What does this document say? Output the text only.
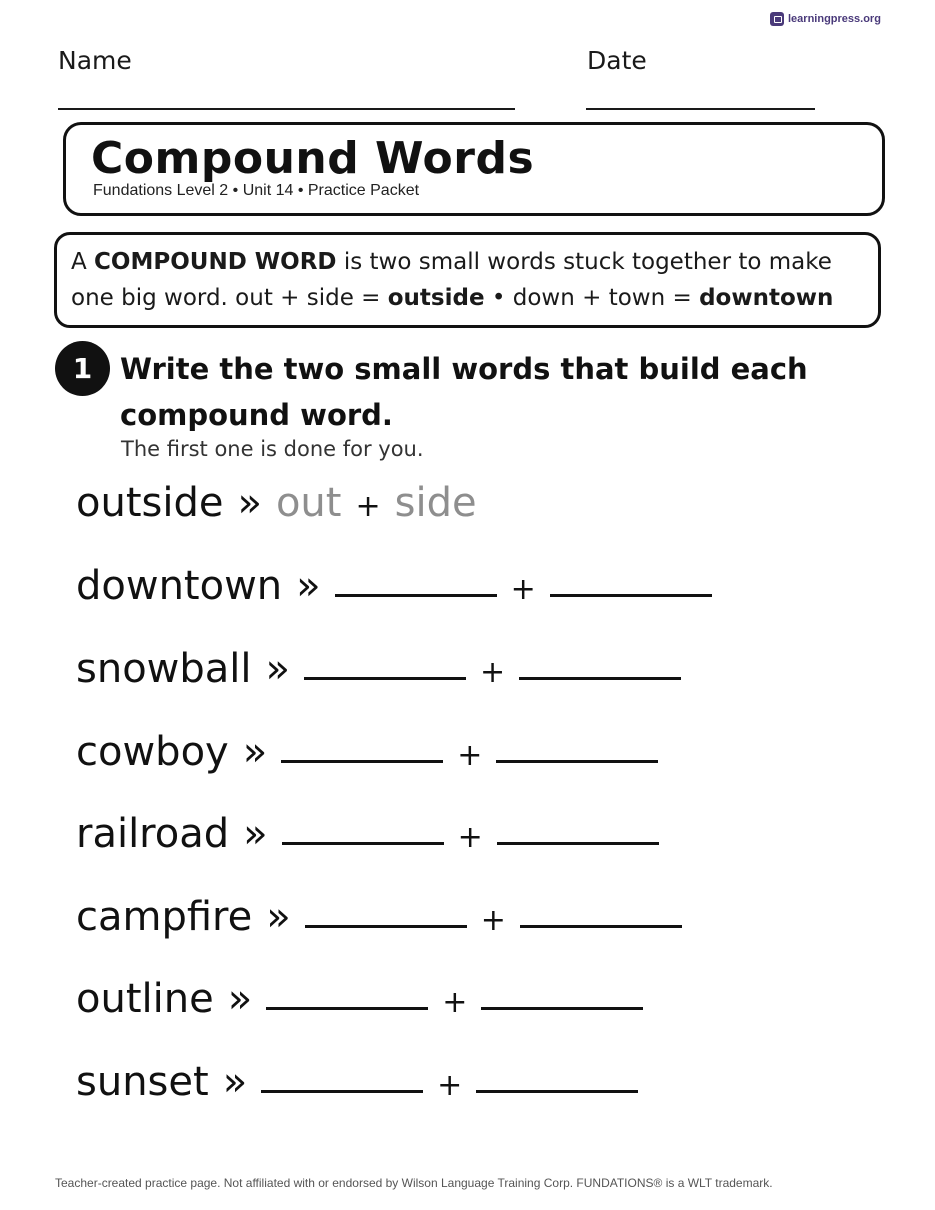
learningpress.org
Name	Date
Compound Words
Fundations Level 2 • Unit 14 • Practice Packet
A COMPOUND WORD is two small words stuck together to make one big word. out + side = outside • down + town = downtown
1 Write the two small words that build each compound word.
The first one is done for you.
outside » out + side
downtown »	+
snowball »	+
cowboy »	+
railroad »	+
campfire »	+
outline »	+
sunset »	+
Teacher-created practice page. Not affiliated with or endorsed by Wilson Language Training Corp. FUNDATIONS® is a WLT trademark.
